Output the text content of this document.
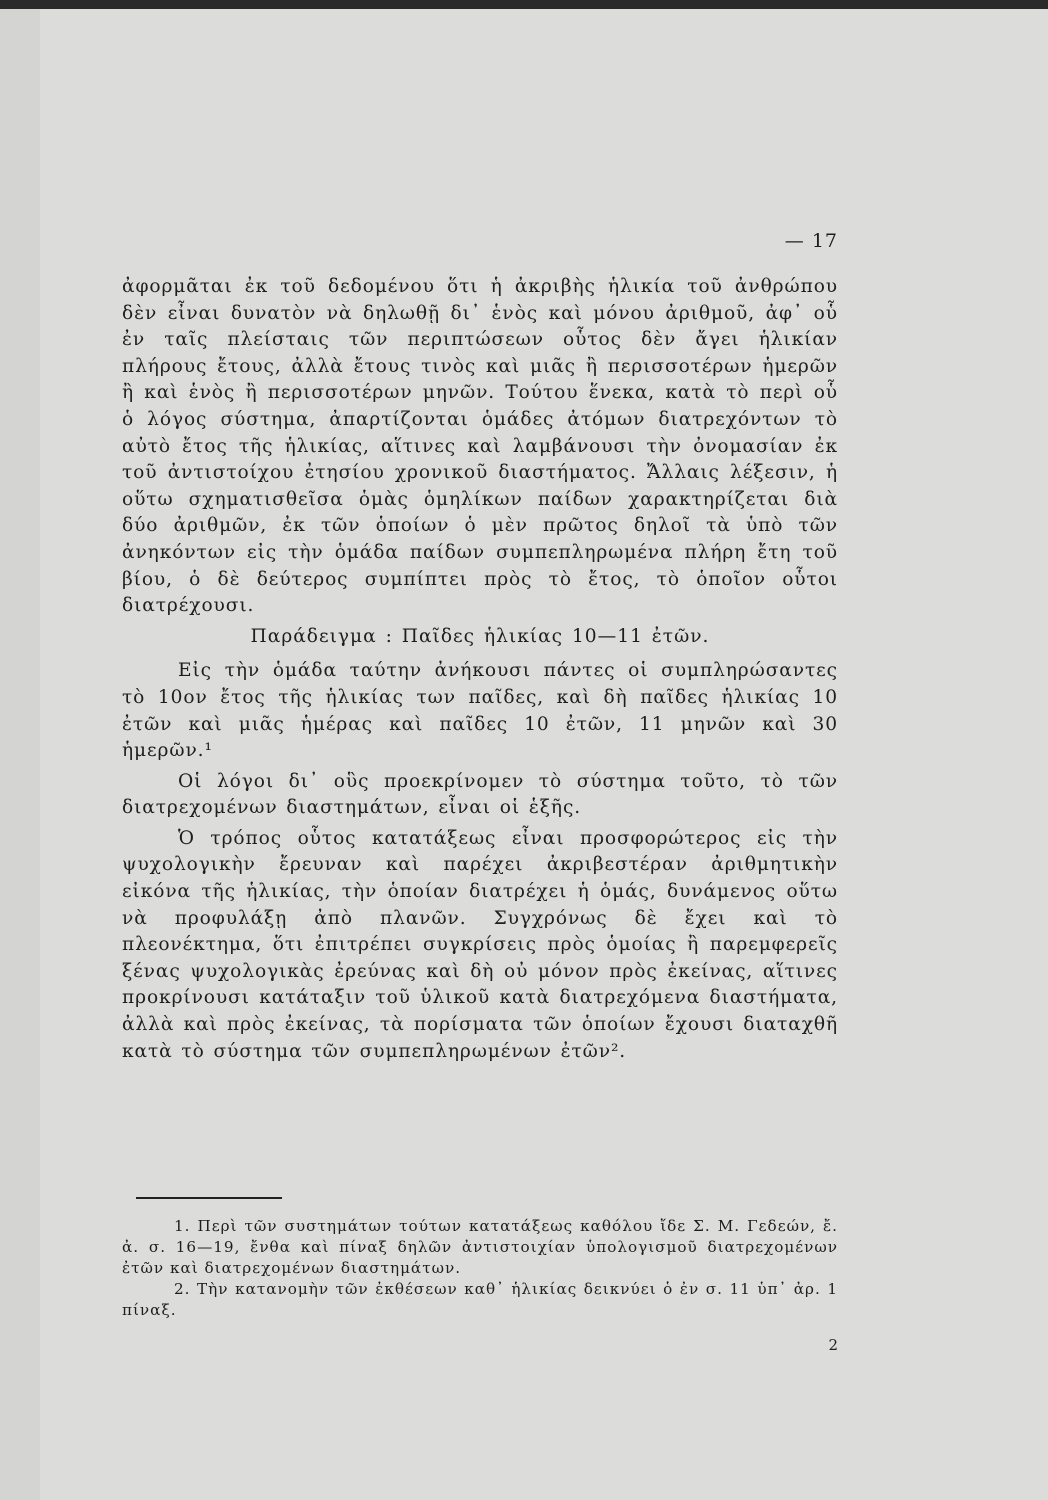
— 17

ἀφορμᾶται ἐκ τοῦ δεδομένου ὅτι ἡ ἀκριβὴς ἡλικία τοῦ ἀνθρώπου δὲν εἶναι δυνατὸν νὰ δηλωθῇ δι᾽ ἑνὸς καὶ μόνου ἀριθμοῦ, ἀφ᾽ οὗ ἐν ταῖς πλείσταις τῶν περιπτώσεων οὗτος δὲν ἄγει ἡλικίαν πλήρους ἔτους, ἀλλὰ ἔτους τινὸς καὶ μιᾶς ἢ περισσοτέρων ἡμερῶν ἢ καὶ ἑνὸς ἢ περισσοτέρων μηνῶν. Τούτου ἕνεκα, κατὰ τὸ περὶ οὗ ὁ λόγος σύστημα, ἀπαρτίζονται ὁμάδες ἀτόμων διατρεχόντων τὸ αὐτὸ ἔτος τῆς ἡλικίας, αἵτινες καὶ λαμβάνουσι τὴν ὀνομασίαν ἐκ τοῦ ἀντιστοίχου ἐτησίου χρονικοῦ διαστήματος. Ἄλλαις λέξεσιν, ἡ οὕτω σχηματισθεῖσα ὁμὰς ὁμηλίκων παίδων χαρακτηρίζεται διὰ δύο ἀριθμῶν, ἐκ τῶν ὁποίων ὁ μὲν πρῶτος δηλοῖ τὰ ὑπὸ τῶν ἀνηκόντων εἰς τὴν ὁμάδα παίδων συμπεπληρωμένα πλήρη ἔτη τοῦ βίου, ὁ δὲ δεύτερος συμπίπτει πρὸς τὸ ἔτος, τὸ ὁποῖον οὗτοι διατρέχουσι.

Παράδειγμα : Παῖδες ἡλικίας 10—11 ἐτῶν.

Εἰς τὴν ὁμάδα ταύτην ἀνήκουσι πάντες οἱ συμπληρώσαντες τὸ 10ον ἔτος τῆς ἡλικίας των παῖδες, καὶ δὴ παῖδες ἡλικίας 10 ἐτῶν καὶ μιᾶς ἡμέρας καὶ παῖδες 10 ἐτῶν, 11 μηνῶν καὶ 30 ἡμερῶν.¹

Οἱ λόγοι δι᾽ οὓς προεκρίνομεν τὸ σύστημα τοῦτο, τὸ τῶν διατρεχομένων διαστημάτων, εἶναι οἱ ἑξῆς.

Ὁ τρόπος οὗτος κατατάξεως εἶναι προσφορώτερος εἰς τὴν ψυχολογικὴν ἔρευναν καὶ παρέχει ἀκριβεστέραν ἀριθμητικὴν εἰκόνα τῆς ἡλικίας, τὴν ὁποίαν διατρέχει ἡ ὁμάς, δυνάμενος οὕτω νὰ προφυλάξῃ ἀπὸ πλανῶν. Συγχρόνως δὲ ἔχει καὶ τὸ πλεονέκτημα, ὅτι ἐπιτρέπει συγκρίσεις πρὸς ὁμοίας ἢ παρεμφερεῖς ξένας ψυχολογικὰς ἐρεύνας καὶ δὴ οὐ μόνον πρὸς ἐκείνας, αἵτινες προκρίνουσι κατάταξιν τοῦ ὑλικοῦ κατὰ διατρεχόμενα διαστήματα, ἀλλὰ καὶ πρὸς ἐκείνας, τὰ πορίσματα τῶν ὁποίων ἔχουσι διαταχθῆ κατὰ τὸ σύστημα τῶν συμπεπληρωμένων ἐτῶν².

1. Περὶ τῶν συστημάτων τούτων κατατάξεως καθόλου ἴδε Σ. Μ. Γεδεών, ἔ. ἀ. σ. 16—19, ἔνθα καὶ πίναξ δηλῶν ἀντιστοιχίαν ὑπολογισμοῦ διατρεχομένων ἐτῶν καὶ διατρεχομένων διαστημάτων.

2. Τὴν κατανομὴν τῶν ἐκθέσεων καθ᾽ ἡλικίας δεικνύει ὁ ἐν σ. 11 ὑπ᾽ ἀρ. 1 πίναξ.

2
